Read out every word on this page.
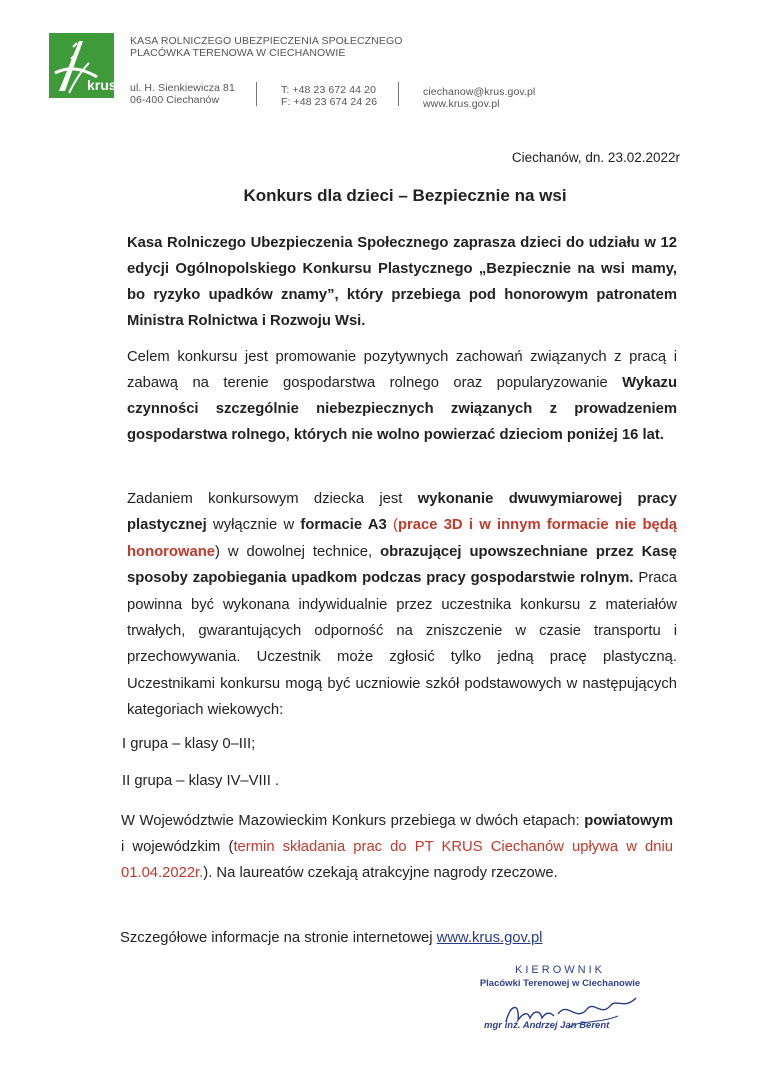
krus
KASA ROLNICZEGO UBEZPIECZENIA SPOŁECZNEGO
PLACÓWKA TERENOWA W CIECHANOWIE
ul. H. Sienkiewicza 81
06-400 Ciechanów
T: +48 23 672 44 20
F: +48 23 674 24 26
ciechanow@krus.gov.pl
www.krus.gov.pl
Ciechanów, dn. 23.02.2022r
Konkurs dla dzieci – Bezpiecznie na wsi
Kasa Rolniczego Ubezpieczenia Społecznego zaprasza dzieci do udziału w 12 edycji Ogólnopolskiego Konkursu Plastycznego „Bezpiecznie na wsi mamy, bo ryzyko upadków znamy”, który przebiega pod honorowym patronatem Ministra Rolnictwa i Rozwoju Wsi.
Celem konkursu jest promowanie pozytywnych zachowań związanych z pracą i zabawą na terenie gospodarstwa rolnego oraz popularyzowanie Wykazu czynności szczególnie niebezpiecznych związanych z prowadzeniem gospodarstwa rolnego, których nie wolno powierzać dzieciom poniżej 16 lat.
Zadaniem konkursowym dziecka jest wykonanie dwuwymiarowej pracy plastycznej wyłącznie w formacie A3 (prace 3D i w innym formacie nie będą honorowane) w dowolnej technice, obrazującej upowszechniane przez Kasę sposoby zapobiegania upadkom podczas pracy gospodarstwie rolnym. Praca powinna być wykonana indywidualnie przez uczestnika konkursu z materiałów trwałych, gwarantujących odporność na zniszczenie w czasie transportu i przechowywania. Uczestnik może zgłosić tylko jedną pracę plastyczną. Uczestnikami konkursu mogą być uczniowie szkół podstawowych w następujących kategoriach wiekowych:
I grupa – klasy 0–III;
II grupa – klasy IV–VIII .
W Województwie Mazowieckim Konkurs przebiega w dwóch etapach: powiatowym i wojewódzkim (termin składania prac do PT KRUS Ciechanów upływa w dniu 01.04.2022r.). Na laureatów czekają atrakcyjne nagrody rzeczowe.
Szczegółowe informacje na stronie internetowej www.krus.gov.pl
KIEROWNIK
Placówki Terenowej w Ciechanowie
mgr inż. Andrzej Jan Berent
